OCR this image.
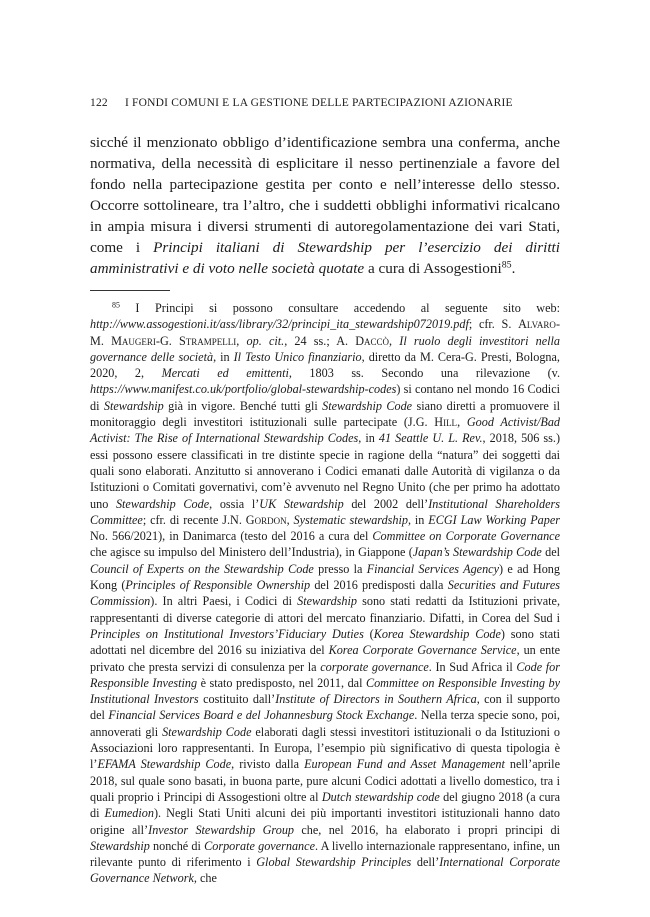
122 I FONDI COMUNI E LA GESTIONE DELLE PARTECIPAZIONI AZIONARIE
sicché il menzionato obbligo d’identificazione sembra una conferma, anche normativa, della necessità di esplicitare il nesso pertinenziale a favore del fondo nella partecipazione gestita per conto e nell’interesse dello stesso. Occorre sottolineare, tra l’altro, che i suddetti obblighi informativi ricalcano in ampia misura i diversi strumenti di autoregolamentazione dei vari Stati, come i Principi italiani di Stewardship per l’esercizio dei diritti amministrativi e di voto nelle società quotate a cura di Assogestioni$^{85}$.
$^{85}$ I Principi si possono consultare accedendo al seguente sito web: http://www.assogestioni.it/ass/library/32/principi_ita_stewardship072019.pdf; cfr. S. Alvaro-M. Maugeri-G. Strampelli, op. cit., 24 ss.; A. Daccò, Il ruolo degli investitori nella governance delle società, in Il Testo Unico finanziario, diretto da M. Cera-G. Presti, Bologna, 2020, 2, Mercati ed emittenti, 1803 ss. Secondo una rilevazione (v. https://www.manifest.co.uk/portfolio/global-stewardship-codes) si contano nel mondo 16 Codici di Stewardship già in vigore. Benché tutti gli Stewardship Code siano diretti a promuovere il monitoraggio degli investitori istituzionali sulle partecipate (J.G. Hill, Good Activist/Bad Activist: The Rise of International Stewardship Codes, in 41 Seattle U. L. Rev., 2018, 506 ss.) essi possono essere classificati in tre distinte specie in ragione della “natura” dei soggetti dai quali sono elaborati. Anzitutto si annoverano i Codici emanati dalle Autorità di vigilanza o da Istituzioni o Comitati governativi, com’è avvenuto nel Regno Unito (che per primo ha adottato uno Stewardship Code, ossia l’UK Stewardship del 2002 dell’Institutional Shareholders Committee; cfr. di recente J.N. Gordon, Systematic stewardship, in ECGI Law Working Paper No. 566/2021), in Danimarca (testo del 2016 a cura del Committee on Corporate Governance che agisce su impulso del Ministero dell’Industria), in Giappone (Japan’s Stewardship Code del Council of Experts on the Stewardship Code presso la Financial Services Agency) e ad Hong Kong (Principles of Responsible Ownership del 2016 predisposti dalla Securities and Futures Commission). In altri Paesi, i Codici di Stewardship sono stati redatti da Istituzioni private, rappresentanti di diverse categorie di attori del mercato finanziario. Difatti, in Corea del Sud i Principles on Institutional Investors’Fiduciary Duties (Korea Stewardship Code) sono stati adottati nel dicembre del 2016 su iniziativa del Korea Corporate Governance Service, un ente privato che presta servizi di consulenza per la corporate governance. In Sud Africa il Code for Responsible Investing è stato predisposto, nel 2011, dal Committee on Responsible Investing by Institutional Investors costituito dall’Institute of Directors in Southern Africa, con il supporto del Financial Services Board e del Johannesburg Stock Exchange. Nella terza specie sono, poi, annoverati gli Stewardship Code elaborati dagli stessi investitori istituzionali o da Istituzioni o Associazioni loro rappresentanti. In Europa, l’esempio più significativo di questa tipologia è l’EFAMA Stewardship Code, rivisto dalla European Fund and Asset Management nell’aprile 2018, sul quale sono basati, in buona parte, pure alcuni Codici adottati a livello domestico, tra i quali proprio i Principi di Assogestioni oltre al Dutch stewardship code del giugno 2018 (a cura di Eumedion). Negli Stati Uniti alcuni dei più importanti investitori istituzionali hanno dato origine all’Investor Stewardship Group che, nel 2016, ha elaborato i propri principi di Stewardship nonché di Corporate governance. A livello internazionale rappresentano, infine, un rilevante punto di riferimento i Global Stewardship Principles dell’International Corporate Governance Network, che
